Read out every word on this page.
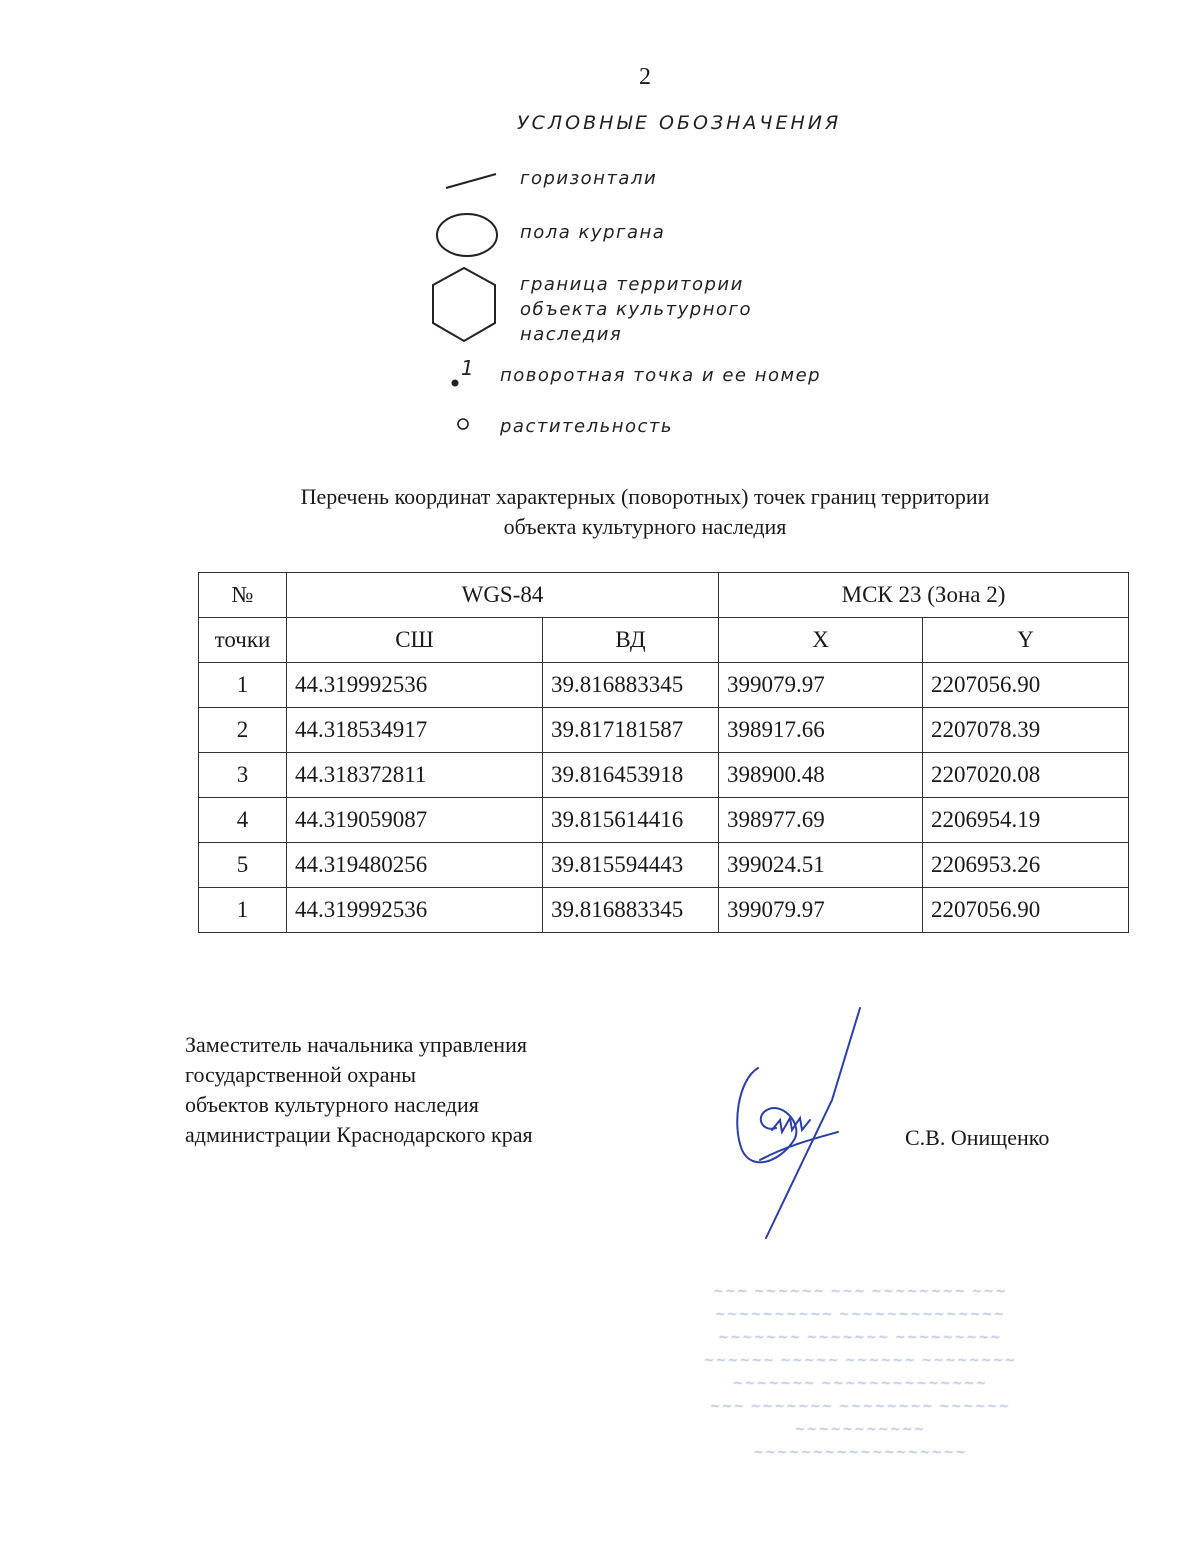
2
УСЛОВНЫЕ ОБОЗНАЧЕНИЯ
горизонтали
пола кургана
граница территории
объекта культурного
наследия
1 поворотная точка и ее номер
растительность
Перечень координат характерных (поворотных) точек границ территории
объекта культурного наследия
№	WGS-84		МСК 23 (Зона 2)	
точки	СШ	ВД	X	Y
1	44.319992536	39.816883345	399079.97	2207056.90
2	44.318534917	39.817181587	398917.66	2207078.39
3	44.318372811	39.816453918	398900.48	2207020.08
4	44.319059087	39.815614416	398977.69	2206954.19
5	44.319480256	39.815594443	399024.51	2206953.26
1	44.319992536	39.816883345	399079.97	2207056.90
Заместитель начальника управления
государственной охраны
объектов культурного наследия
администрации Краснодарского края	С.В. Онищенко
~~~ ~~~~~~ ~~~ ~~~~~~~~ ~~~
~~~~~~~~~~ ~~~~~~~~~~~~~~
~~~~~~~ ~~~~~~~ ~~~~~~~~~
~~~~~~ ~~~~~ ~~~~~~ ~~~~~~~~
~~~~~~~ ~~~~~~~~~~~~~~
~~~ ~~~~~~~ ~~~~~~~~ ~~~~~~
~~~~~~~~~~~
~~~~~~~~~~~~~~~~~~
